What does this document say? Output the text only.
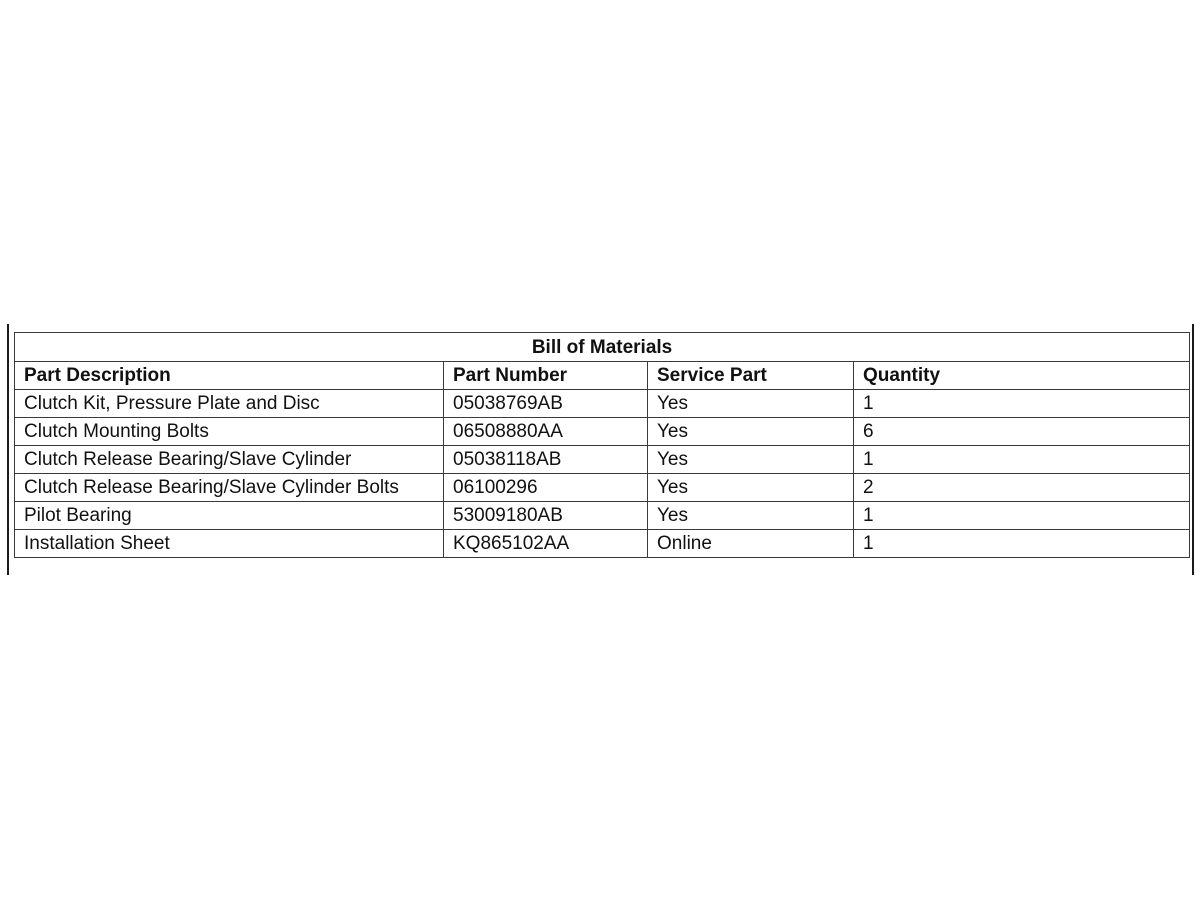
Bill of Materials			
Part Description	Part Number	Service Part	Quantity
Clutch Kit, Pressure Plate and Disc	05038769AB	Yes	1
Clutch Mounting Bolts	06508880AA	Yes	6
Clutch Release Bearing/Slave Cylinder	05038118AB	Yes	1
Clutch Release Bearing/Slave Cylinder Bolts	06100296	Yes	2
Pilot Bearing	53009180AB	Yes	1
Installation Sheet	KQ865102AA	Online	1
